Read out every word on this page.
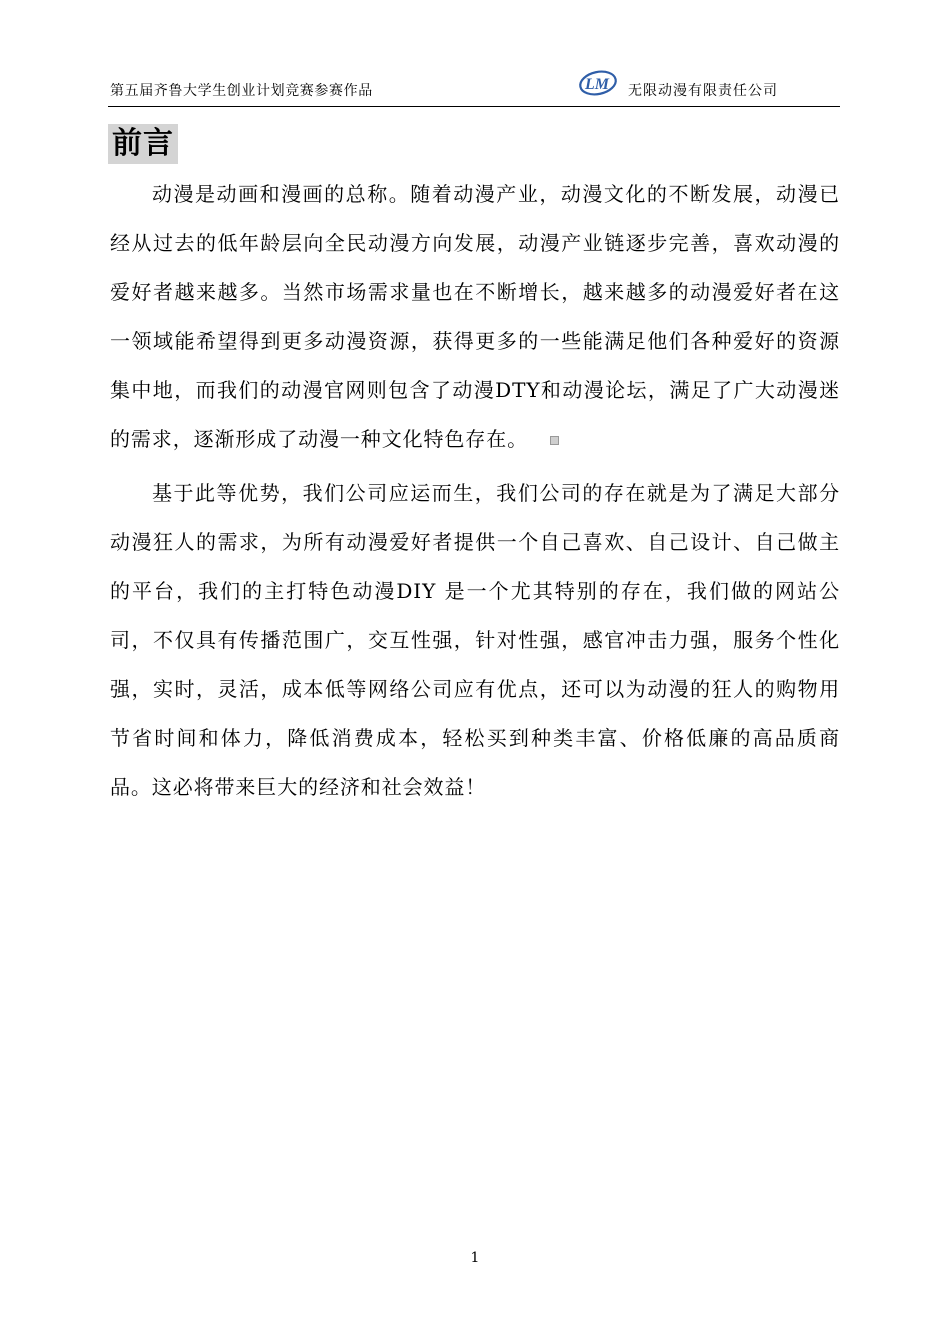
第五届齐鲁大学生创业计划竞赛参赛作品	LM 无限动漫有限责任公司
前言

动漫是动画和漫画的总称。随着动漫产业，动漫文化的不断发展，动漫已经从过去的低年龄层向全民动漫方向发展，动漫产业链逐步完善，喜欢动漫的爱好者越来越多。当然市场需求量也在不断增长，越来越多的动漫爱好者在这一领域能希望得到更多动漫资源，获得更多的一些能满足他们各种爱好的资源集中地，而我们的动漫官网则包含了动漫DTY和动漫论坛，满足了广大动漫迷的需求，逐渐形成了动漫一种文化特色存在。

基于此等优势，我们公司应运而生，我们公司的存在就是为了满足大部分动漫狂人的需求，为所有动漫爱好者提供一个自己喜欢、自己设计、自己做主的平台，我们的主打特色动漫DIY 是一个尤其特别的存在，我们做的网站公司，不仅具有传播范围广，交互性强，针对性强，感官冲击力强，服务个性化强，实时，灵活，成本低等网络公司应有优点，还可以为动漫的狂人的购物用节省时间和体力，降低消费成本，轻松买到种类丰富、价格低廉的高品质商品。这必将带来巨大的经济和社会效益！

1
